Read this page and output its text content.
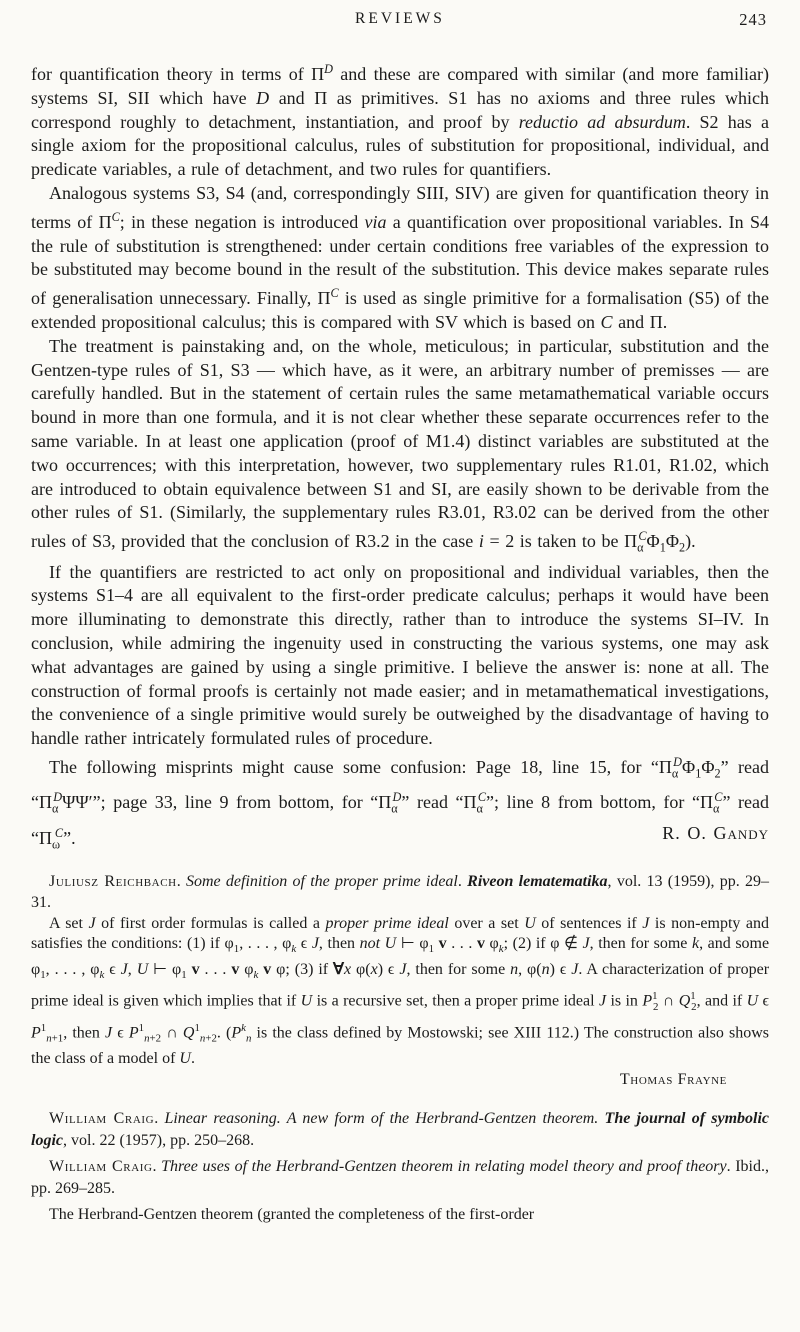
REVIEWS	243

for quantification theory in terms of $\Pi^D$ and these are compared with similar (and more familiar) systems SI, SII which have D and Π as primitives. S1 has no axioms and three rules which correspond roughly to detachment, instantiation, and proof by reductio ad absurdum. S2 has a single axiom for the propositional calculus, rules of substitution for propositional, individual, and predicate variables, a rule of detachment, and two rules for quantifiers.

Analogous systems S3, S4 (and, correspondingly SIII, SIV) are given for quantification theory in terms of $\Pi^C$; in these negation is introduced via a quantification over propositional variables. In S4 the rule of substitution is strengthened: under certain conditions free variables of the expression to be substituted may become bound in the result of the substitution. This device makes separate rules of generalisation unnecessary. Finally, $\Pi^C$ is used as single primitive for a formalisation (S5) of the extended propositional calculus; this is compared with SV which is based on C and Π.

The treatment is painstaking and, on the whole, meticulous; in particular, substitution and the Gentzen-type rules of S1, S3 — which have, as it were, an arbitrary number of premisses — are carefully handled. But in the statement of certain rules the same metamathematical variable occurs bound in more than one formula, and it is not clear whether these separate occurrences refer to the same variable. In at least one application (proof of M1.4) distinct variables are substituted at the two occurrences; with this interpretation, however, two supplementary rules R1.01, R1.02, which are introduced to obtain equivalence between S1 and SI, are easily shown to be derivable from the other rules of S1. (Similarly, the supplementary rules R3.01, R3.02 can be derived from the other rules of S3, provided that the conclusion of R3.2 in the case i = 2 is taken to be $\Pi_\alpha^C\Phi_1\Phi_2$).

If the quantifiers are restricted to act only on propositional and individual variables, then the systems S1–4 are all equivalent to the first-order predicate calculus; perhaps it would have been more illuminating to demonstrate this directly, rather than to introduce the systems SI–IV. In conclusion, while admiring the ingenuity used in constructing the various systems, one may ask what advantages are gained by using a single primitive. I believe the answer is: none at all. The construction of formal proofs is certainly not made easier; and in metamathematical investigations, the convenience of a single primitive would surely be outweighed by the disadvantage of having to handle rather intricately formulated rules of procedure.

The following misprints might cause some confusion: Page 18, line 15, for “$\Pi_\alpha^D\Phi_1\Phi_2$” read “$\Pi_\alpha^D\Psi\Psi'$”; page 33, line 9 from bottom, for “$\Pi_\alpha^D$” read “$\Pi_\alpha^C$”; line 8 from bottom, for “$\Pi_\alpha^C$” read “$\Pi_\omega^C$”.	R. O. Gandy

Juliusz Reichbach. Some definition of the proper prime ideal. Riveon lematematika, vol. 13 (1959), pp. 29–31.

A set J of first order formulas is called a proper prime ideal over a set U of sentences if J is non-empty and satisfies the conditions: (1) if $\varphi_1$, . . . , $\varphi_k$ ϵ J, then not U ⊢ $\varphi_1$ v . . . v $\varphi_k$; (2) if φ ∉ J, then for some k, and some $\varphi_1$, . . . , $\varphi_k$ ϵ J, U ⊢ $\varphi_1$ v . . . v $\varphi_k$ v φ; (3) if ∀x φ(x) ϵ J, then for some n, φ(n) ϵ J. A characterization of proper prime ideal is given which implies that if U is a recursive set, then a proper prime ideal J is in $P^1_2$ ∩ $Q^1_2$, and if U ϵ $P^1_{n+1}$, then J ϵ $P^1_{n+2}$ ∩ $Q^1_{n+2}$. ($P^k_n$ is the class defined by Mostowski; see XIII 112.) The construction also shows the class of a model of U.

Thomas Frayne

William Craig. Linear reasoning. A new form of the Herbrand-Gentzen theorem. The journal of symbolic logic, vol. 22 (1957), pp. 250–268.

William Craig. Three uses of the Herbrand-Gentzen theorem in relating model theory and proof theory. Ibid., pp. 269–285.

The Herbrand-Gentzen theorem (granted the completeness of the first-order
